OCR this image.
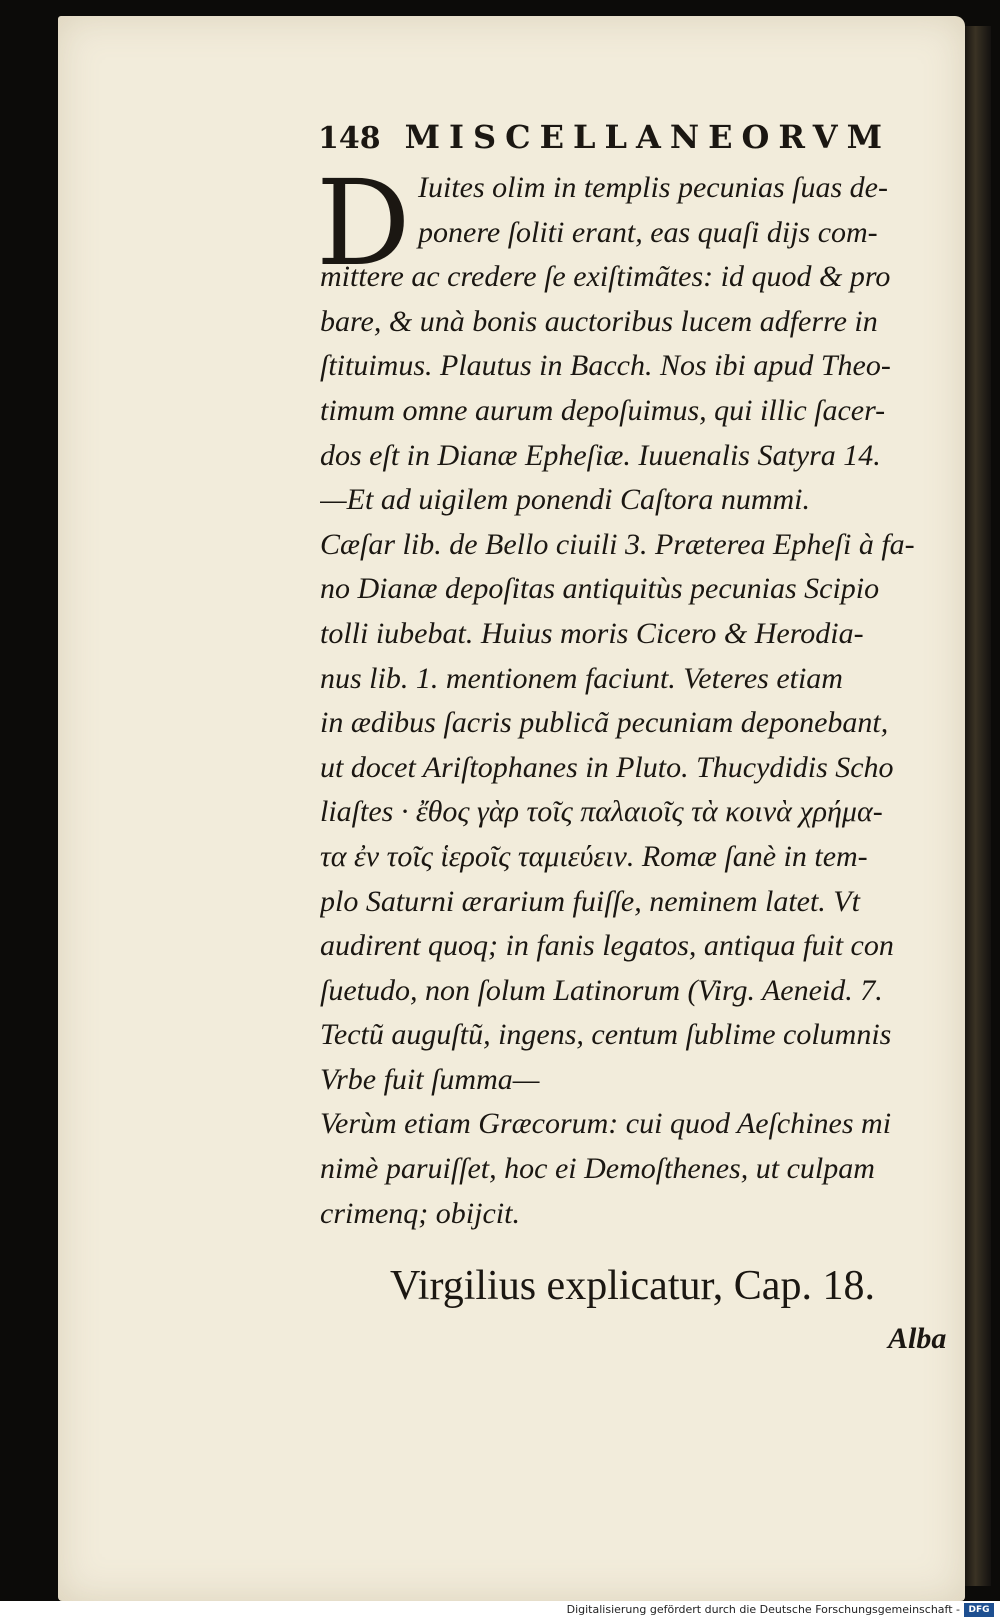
148 MISCELLANEORVM
D Iuites olim in templis pecunias ſuas de-
ponere ſoliti erant, eas quaſi dijs com-
mittere ac credere ſe exiſtimãtes: id quod & pro
bare, & unà bonis auctoribus lucem adferre in
ſtituimus. Plautus in Bacch. Nos ibi apud Theo-
timum omne aurum depoſuimus, qui illic ſacer-
dos eſt in Dianæ Epheſiæ. Iuuenalis Satyra 14.
—Et ad uigilem ponendi Caſtora nummi.
Cæſar lib. de Bello ciuili 3. Præterea Epheſi à fa-
no Dianæ depoſitas antiquitùs pecunias Scipio
tolli iubebat. Huius moris Cicero & Herodia-
nus lib. 1. mentionem faciunt. Veteres etiam
in ædibus ſacris publicã pecuniam deponebant,
ut docet Ariſtophanes in Pluto. Thucydidis Scho
liaſtes · ἔθος γὰρ τοῖς παλαιοῖς τὰ κοινὰ χρήμα-
τα ἐν τοῖς ἱεροῖς ταμιεύειν. Romæ ſanè in tem-
plo Saturni ærarium fuiſſe, neminem latet. Vt
audirent quoq; in fanis legatos, antiqua fuit con
ſuetudo, non ſolum Latinorum (Virg. Aeneid. 7.
Tectũ auguſtũ, ingens, centum ſublime columnis
Vrbe fuit ſumma—
Verùm etiam Græcorum: cui quod Aeſchines mi
nimè paruiſſet, hoc ei Demoſthenes, ut culpam
crimenq; obijcit.
Virgilius explicatur, Cap. 18.
Alba
Digitalisierung gefördert durch die Deutsche Forschungsgemeinschaft - DFG
